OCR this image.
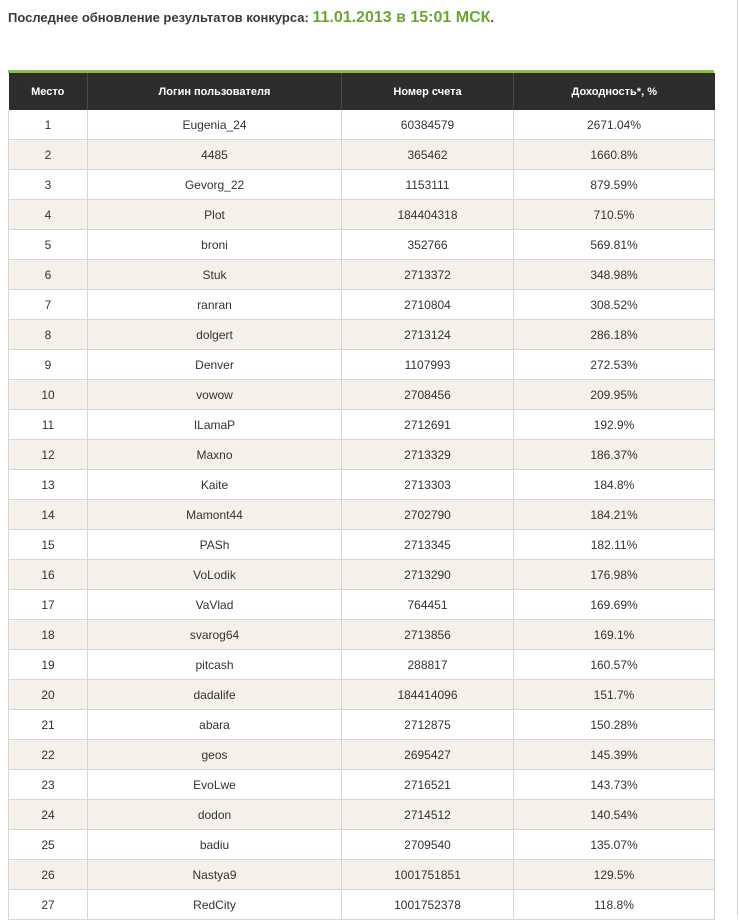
Последнее обновление результатов конкурса: 11.01.2013 в 15:01 МСК.
Место	Логин пользователя	Номер счета	Доходность*, %
1	Eugenia_24	60384579	2671.04%
2	4485	365462	1660.8%
3	Gevorg_22	1153111	879.59%
4	Plot	184404318	710.5%
5	broni	352766	569.81%
6	Stuk	2713372	348.98%
7	ranran	2710804	308.52%
8	dolgert	2713124	286.18%
9	Denver	1107993	272.53%
10	vowow	2708456	209.95%
11	ILamaP	2712691	192.9%
12	Maxno	2713329	186.37%
13	Kaite	2713303	184.8%
14	Mamont44	2702790	184.21%
15	PASh	2713345	182.11%
16	VoLodik	2713290	176.98%
17	VaVlad	764451	169.69%
18	svarog64	2713856	169.1%
19	pitcash	288817	160.57%
20	dadalife	184414096	151.7%
21	abara	2712875	150.28%
22	geos	2695427	145.39%
23	EvoLwe	2716521	143.73%
24	dodon	2714512	140.54%
25	badiu	2709540	135.07%
26	Nastya9	1001751851	129.5%
27	RedCity	1001752378	118.8%
